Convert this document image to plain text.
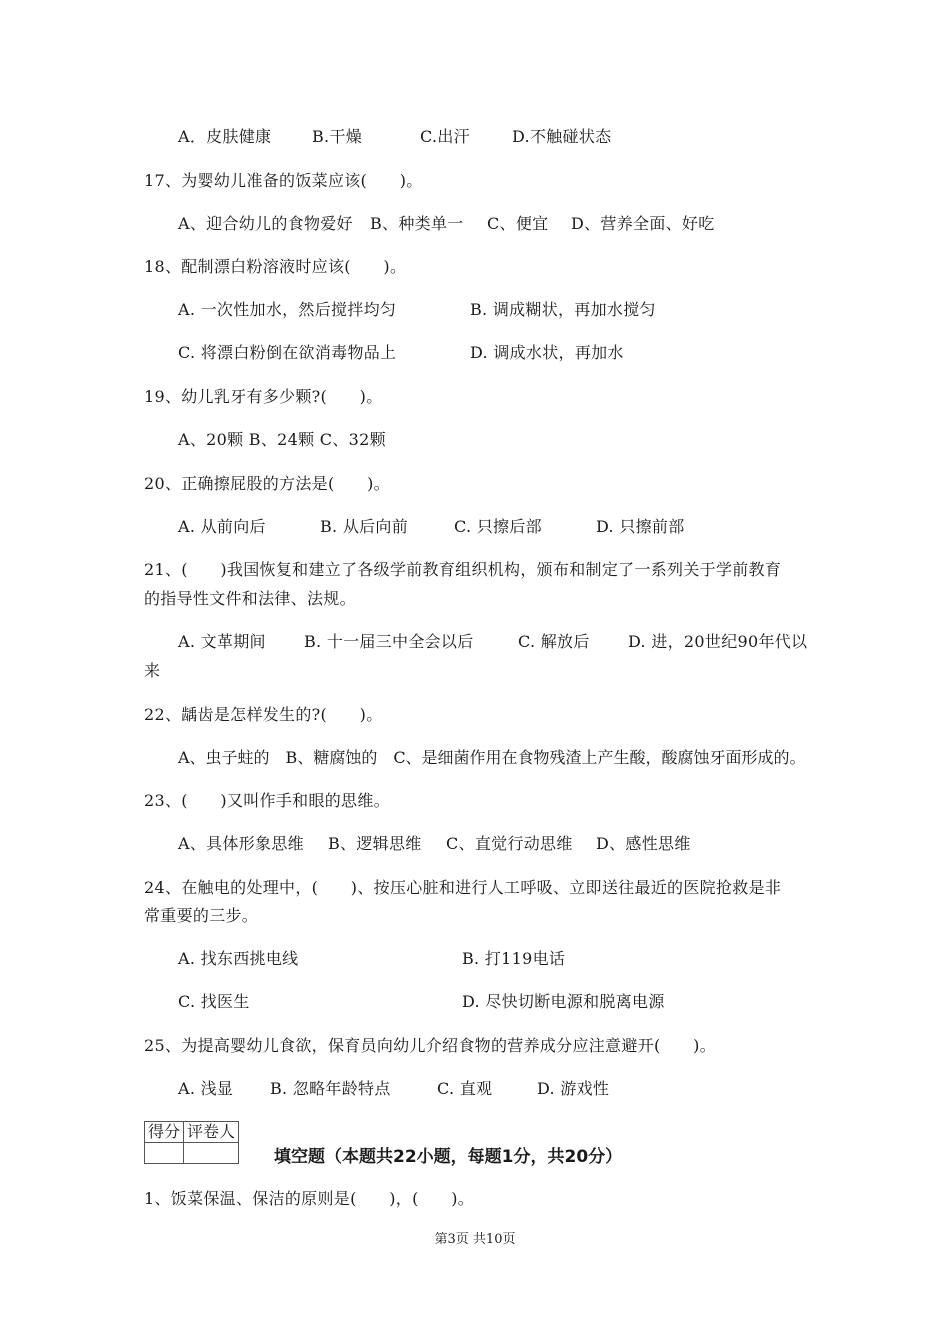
A．皮肤健康	B.干燥	C.出汗	D.不触碰状态
17、为婴幼儿准备的饭菜应该(　　)。
A、迎合幼儿的食物爱好 B、种类单一 C、便宜 D、营养全面、好吃
18、配制漂白粉溶液时应该(　　)。
A. 一次性加水，然后搅拌均匀	B. 调成糊状，再加水搅匀
C. 将漂白粉倒在欲消毒物品上	D. 调成水状，再加水
19、幼儿乳牙有多少颗?(　　)。
A、20颗 B、24颗 C、32颗
20、正确擦屁股的方法是(　　)。
A. 从前向后	B. 从后向前	C. 只擦后部	D. 只擦前部
21、(　　)我国恢复和建立了各级学前教育组织机构，颁布和制定了一系列关于学前教育
的指导性文件和法律、法规。
A. 文革期间 B. 十一届三中全会以后	C. 解放后 D. 进，20世纪90年代以
来
22、龋齿是怎样发生的?(　　)。
A、虫子蛀的　B、糖腐蚀的　C、是细菌作用在食物残渣上产生酸，酸腐蚀牙面形成的。
23、(　　)又叫作手和眼的思维。
A、具体形象思维 B、逻辑思维 C、直觉行动思维 D、感性思维
24、在触电的处理中，(　　)、按压心脏和进行人工呼吸、立即送往最近的医院抢救是非
常重要的三步。
A. 找东西挑电线	B. 打119电话
C. 找医生	D. 尽快切断电源和脱离电源
25、为提高婴幼儿食欲，保育员向幼儿介绍食物的营养成分应注意避开(　　)。
A. 浅显 B. 忽略年龄特点	C. 直观	D. 游戏性
得分	评卷人

填空题（本题共22小题，每题1分，共20分）
1、饭菜保温、保洁的原则是(　　)，(　　)。
第3页 共10页
